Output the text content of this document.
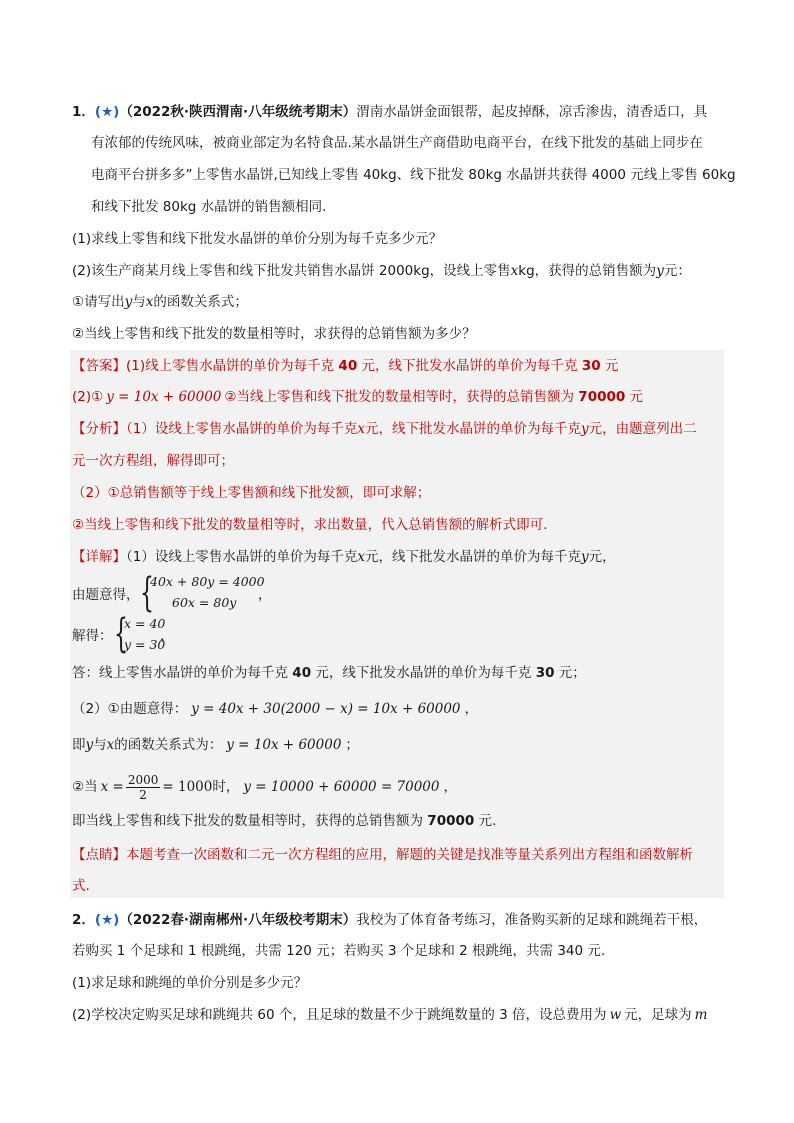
1．(★)（2022秋·陕西渭南·八年级统考期末）渭南水晶饼金面银帮，起皮掉酥，凉舌渗齿，清香适口，具
有浓郁的传统风味，被商业部定为名特食品.某水晶饼生产商借助电商平台，在线下批发的基础上同步在
电商平台拼多多”上零售水晶饼,已知线上零售 40kg、线下批发 80kg 水晶饼共获得 4000 元线上零售 60kg
和线下批发 80kg 水晶饼的销售额相同.
(1)求线上零售和线下批发水晶饼的单价分别为每千克多少元？
(2)该生产商某月线上零售和线下批发共销售水晶饼 2000kg，设线上零售xkg，获得的总销售额为y元：
①请写出y与x的函数关系式；
②当线上零售和线下批发的数量相等时，求获得的总销售额为多少？
【答案】(1)线上零售水晶饼的单价为每千克 40 元，线下批发水晶饼的单价为每千克 30 元
(2)① y = 10x + 60000 ②当线上零售和线下批发的数量相等时，获得的总销售额为 70000 元
【分析】（1）设线上零售水晶饼的单价为每千克x元，线下批发水晶饼的单价为每千克y元，由题意列出二
元一次方程组，解得即可；
（2）①总销售额等于线上零售额和线下批发额，即可求解；
②当线上零售和线下批发的数量相等时，求出数量，代入总销售额的解析式即可.
【详解】（1）设线上零售水晶饼的单价为每千克x元，线下批发水晶饼的单价为每千克y元，
由题意得， {
40x + 80y = 4000
60x = 80y ，
解得： {
x = 40
y = 30
，
答：线上零售水晶饼的单价为每千克 40 元，线下批发水晶饼的单价为每千克 30 元；
（2）①由题意得： y = 40x + 30(2000 − x) = 10x + 60000 ，
即y与x的函数关系式为： y = 10x + 60000 ；
②当 $x = \frac{2000}{2} = 1000$时， y = 10000 + 60000 = 70000 ，
即当线上零售和线下批发的数量相等时，获得的总销售额为 70000 元.
【点睛】本题考查一次函数和二元一次方程组的应用，解题的关键是找准等量关系列出方程组和函数解析
式.
2．(★)（2022春·湖南郴州·八年级校考期末）我校为了体育备考练习，准备购买新的足球和跳绳若干根，
若购买 1 个足球和 1 根跳绳，共需 120 元；若购买 3 个足球和 2 根跳绳，共需 340 元.
(1)求足球和跳绳的单价分别是多少元？
(2)学校决定购买足球和跳绳共 60 个，且足球的数量不少于跳绳数量的 3 倍，设总费用为 w 元，足球为 m
